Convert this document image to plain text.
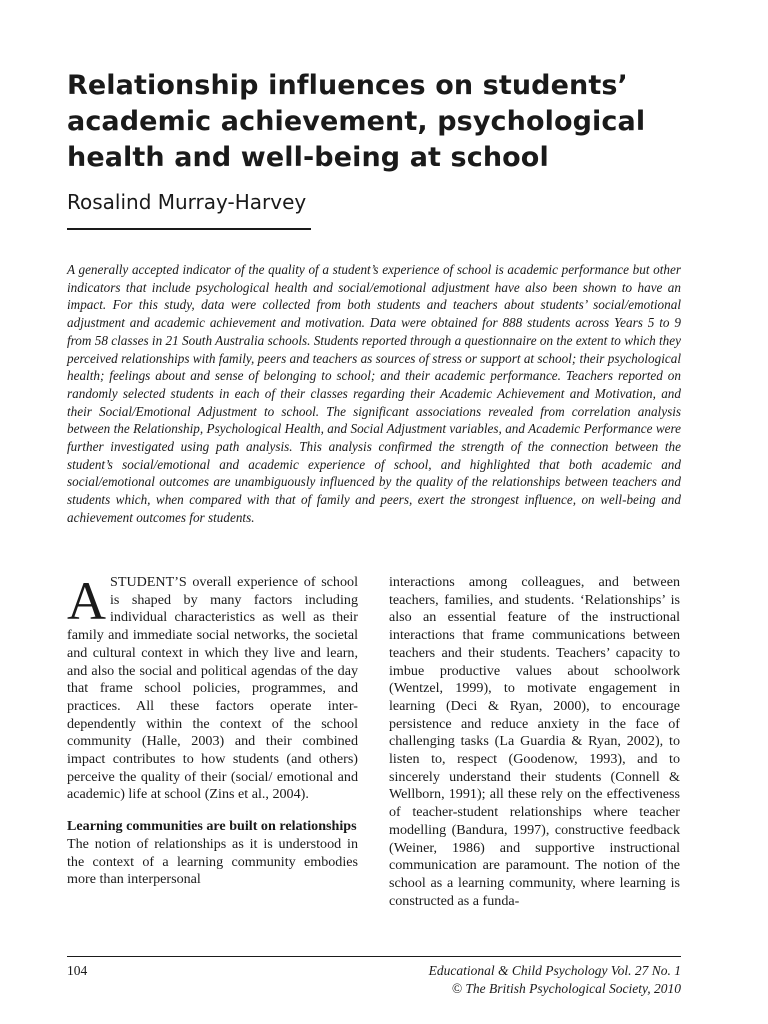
Relationship influences on students’ academic achievement, psychological health and well-being at school
Rosalind Murray-Harvey

A generally accepted indicator of the quality of a student’s experience of school is academic performance but other indicators that include psychological health and social/emotional adjustment have also been shown to have an impact. For this study, data were collected from both students and teachers about students’ social/emotional adjustment and academic achievement and motivation. Data were obtained for 888 students across Years 5 to 9 from 58 classes in 21 South Australia schools. Students reported through a questionnaire on the extent to which they perceived relationships with family, peers and teachers as sources of stress or support at school; their psychological health; feelings about and sense of belonging to school; and their academic performance. Teachers reported on randomly selected students in each of their classes regarding their Academic Achievement and Motivation, and their Social/Emotional Adjustment to school. The significant associations revealed from correlation analysis between the Relationship, Psychological Health, and Social Adjustment variables, and Academic Performance were further investigated using path analysis. This analysis confirmed the strength of the connection between the student’s social/emotional and academic experience of school, and highlighted that both academic and social/emotional outcomes are unambiguously influenced by the quality of the relationships between teachers and students which, when compared with that of family and peers, exert the strongest influence, on well-being and achievement outcomes for students.

ASTUDENT’S overall experience of school is shaped by many factors including individual characteristics as well as their family and immediate social networks, the societal and cultural context in which they live and learn, and also the social and political agendas of the day that frame school policies, programmes, and practices. All these factors operate inter-dependently within the context of the school community (Halle, 2003) and their combined impact contributes to how students (and others) perceive the quality of their (social/ emotional and academic) life at school (Zins et al., 2004).

Learning communities are built on relationships

The notion of relationships as it is understood in the context of a learning community embodies more than interpersonal

interactions among colleagues, and between teachers, families, and students. ‘Relationships’ is also an essential feature of the instructional interactions that frame communications between teachers and their students. Teachers’ capacity to imbue productive values about schoolwork (Wentzel, 1999), to motivate engagement in learning (Deci & Ryan, 2000), to encourage persistence and reduce anxiety in the face of challenging tasks (La Guardia & Ryan, 2002), to listen to, respect (Goodenow, 1993), and to sincerely understand their students (Connell & Wellborn, 1991); all these rely on the effectiveness of teacher-student relationships where teacher modelling (Bandura, 1997), constructive feedback (Weiner, 1986) and supportive instructional communication are paramount. The notion of the school as a learning community, where learning is constructed as a funda-

104	Educational & Child Psychology Vol. 27 No. 1
© The British Psychological Society, 2010
